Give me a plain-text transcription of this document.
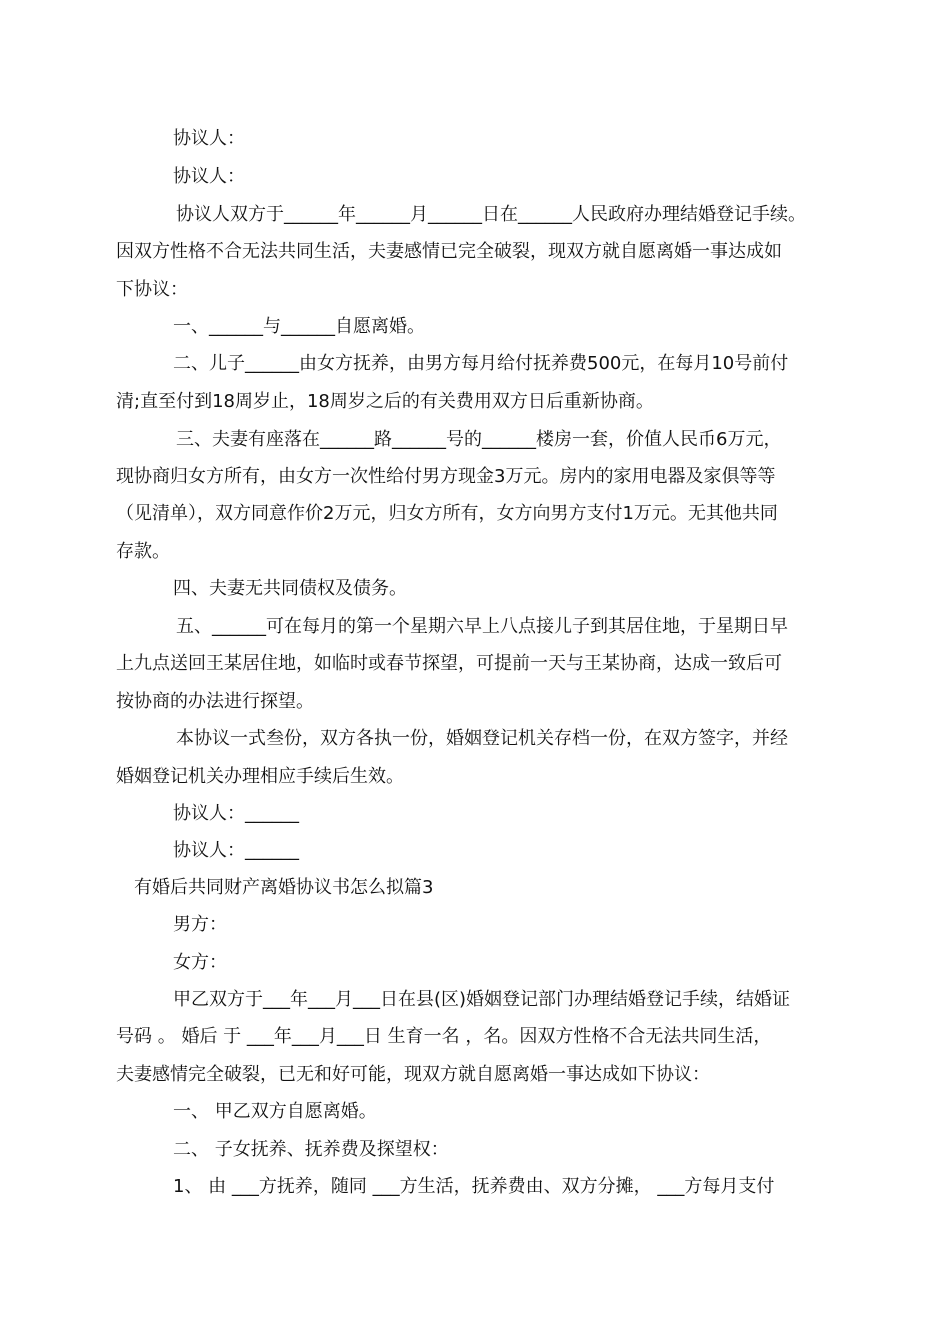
协议人：
协议人：
协议人双方于______年______月______日在______人民政府办理结婚登记手续。
因双方性格不合无法共同生活，夫妻感情已完全破裂，现双方就自愿离婚一事达成如
下协议：
一、______与______自愿离婚。
二、儿子______由女方抚养，由男方每月给付抚养费500元，在每月10号前付
清;直至付到18周岁止，18周岁之后的有关费用双方日后重新协商。
三、夫妻有座落在______路______号的______楼房一套，价值人民币6万元，
现协商归女方所有，由女方一次性给付男方现金3万元。房内的家用电器及家俱等等
（见清单），双方同意作价2万元，归女方所有，女方向男方支付1万元。无其他共同
存款。
四、夫妻无共同债权及债务。
五、______可在每月的第一个星期六早上八点接儿子到其居住地，于星期日早
上九点送回王某居住地，如临时或春节探望，可提前一天与王某协商，达成一致后可
按协商的办法进行探望。
本协议一式叁份，双方各执一份，婚姻登记机关存档一份，在双方签字，并经
婚姻登记机关办理相应手续后生效。
协议人：______
协议人：______
有婚后共同财产离婚协议书怎么拟篇3
男方：
女方：
甲乙双方于___年___月___日在县(区)婚姻登记部门办理结婚登记手续，结婚证
号码 。 婚后 于 ___年___月___日 生育一名 ，名。因双方性格不合无法共同生活，
夫妻感情完全破裂，已无和好可能，现双方就自愿离婚一事达成如下协议：
一、 甲乙双方自愿离婚。
二、 子女抚养、抚养费及探望权：
1、 由 ___方抚养，随同 ___方生活，抚养费由、双方分摊， ___方每月支付
